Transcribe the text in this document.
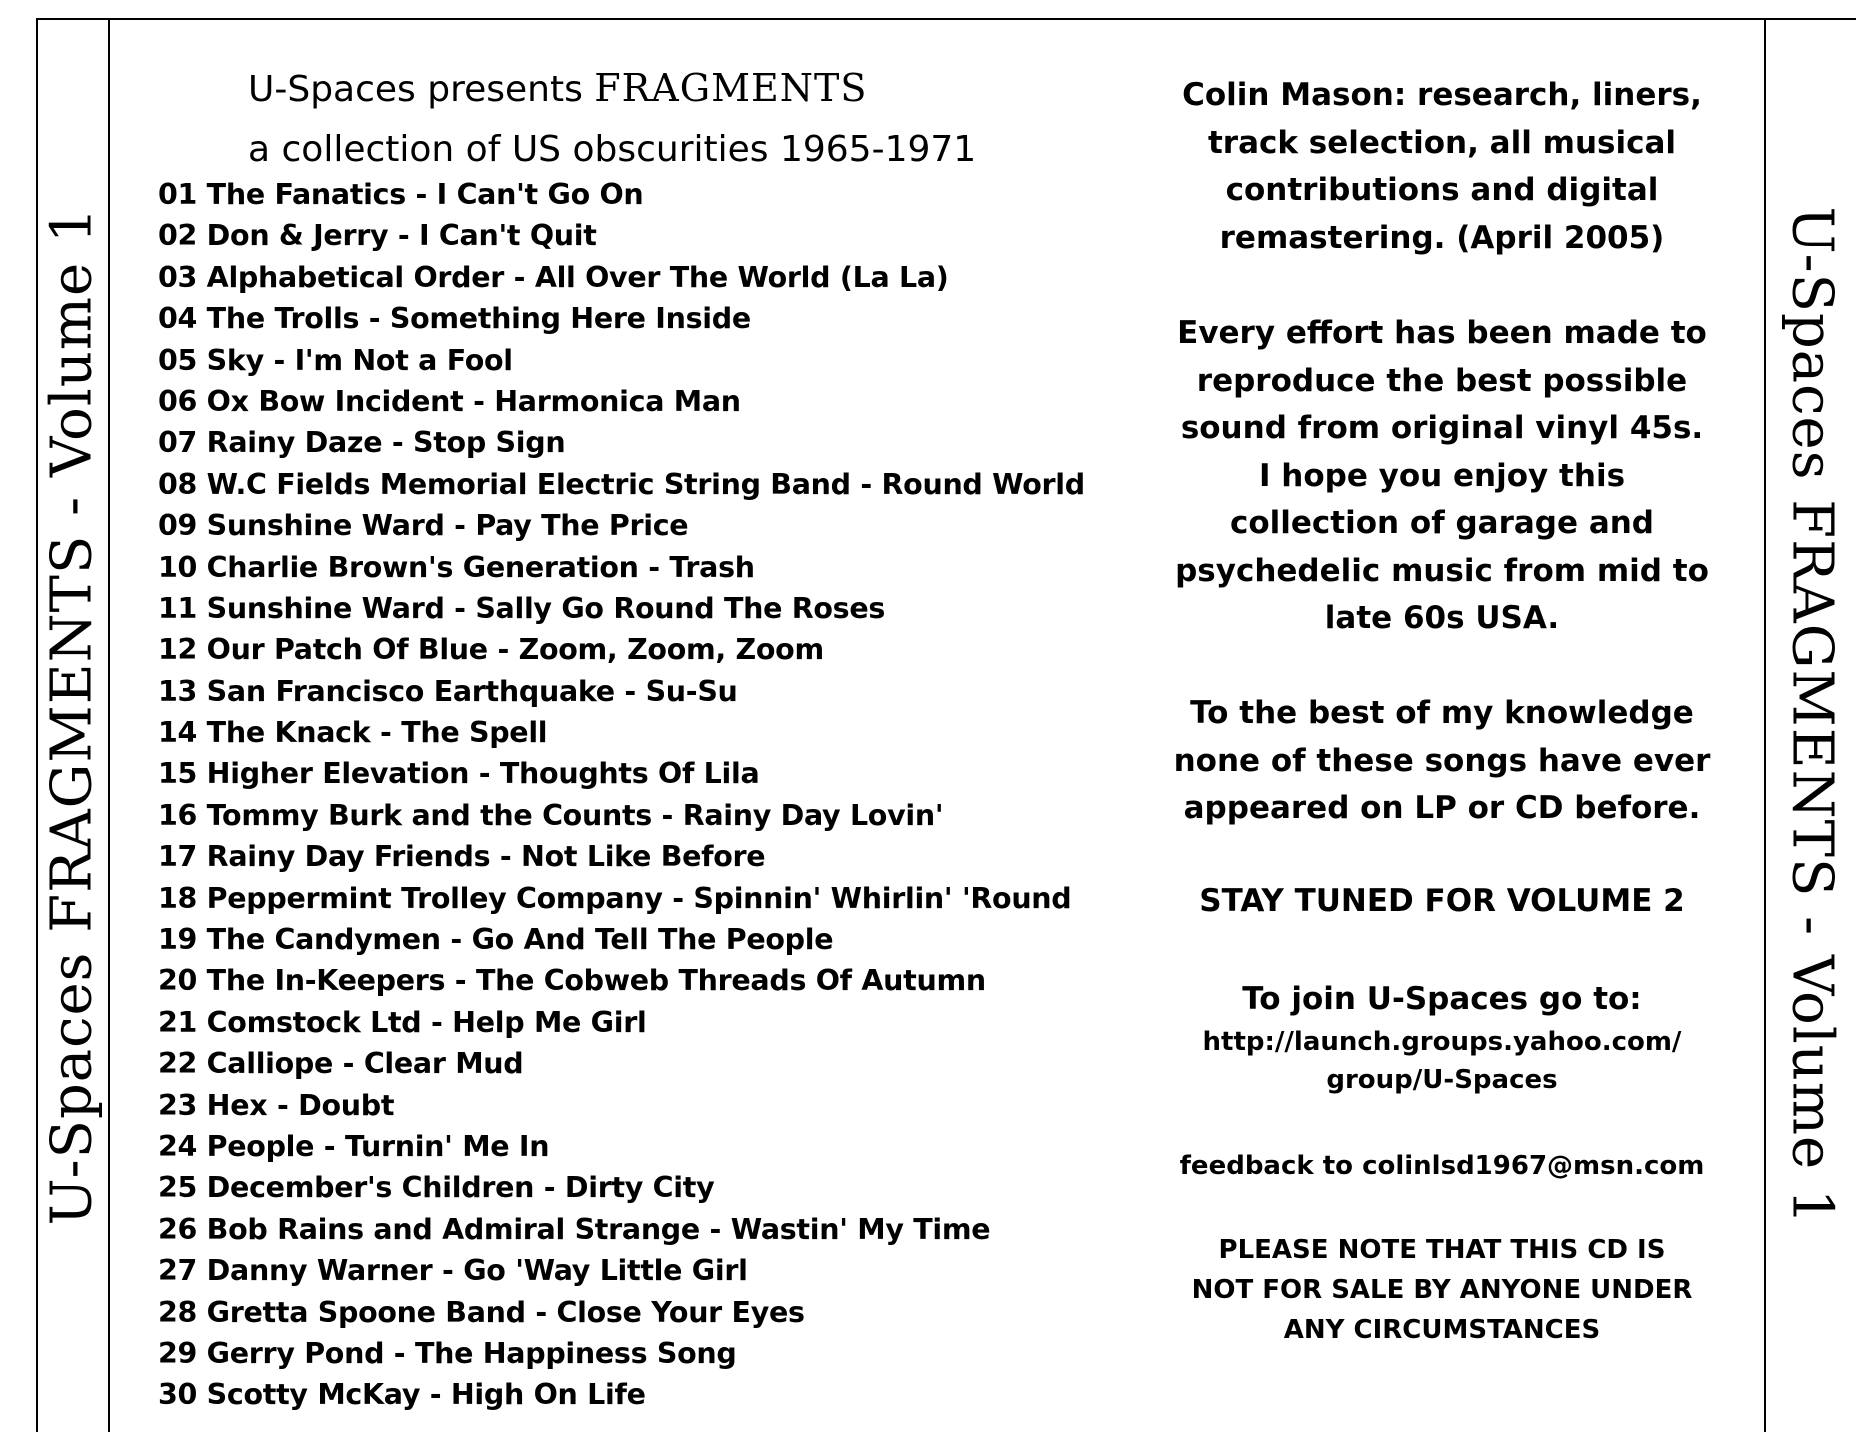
U-Spaces FRAGMENTS - Volume 1	U-Spaces FRAGMENTS - Volume 1
U-Spaces presents FRAGMENTS
a collection of US obscurities 1965-1971
01 The Fanatics - I Can't Go On
02 Don & Jerry - I Can't Quit
03 Alphabetical Order - All Over The World (La La)
04 The Trolls - Something Here Inside
05 Sky - I'm Not a Fool
06 Ox Bow Incident - Harmonica Man
07 Rainy Daze - Stop Sign
08 W.C Fields Memorial Electric String Band - Round World
09 Sunshine Ward - Pay The Price
10 Charlie Brown's Generation - Trash
11 Sunshine Ward - Sally Go Round The Roses
12 Our Patch Of Blue - Zoom, Zoom, Zoom
13 San Francisco Earthquake - Su-Su
14 The Knack - The Spell
15 Higher Elevation - Thoughts Of Lila
16 Tommy Burk and the Counts - Rainy Day Lovin'
17 Rainy Day Friends - Not Like Before
18 Peppermint Trolley Company - Spinnin' Whirlin' 'Round
19 The Candymen - Go And Tell The People
20 The In-Keepers - The Cobweb Threads Of Autumn
21 Comstock Ltd - Help Me Girl
22 Calliope - Clear Mud
23 Hex - Doubt
24 People - Turnin' Me In
25 December's Children - Dirty City
26 Bob Rains and Admiral Strange - Wastin' My Time
27 Danny Warner - Go 'Way Little Girl
28 Gretta Spoone Band - Close Your Eyes
29 Gerry Pond - The Happiness Song
30 Scotty McKay - High On Life
Colin Mason: research, liners,
track selection, all musical
contributions and digital
remastering. (April 2005)
Every effort has been made to
reproduce the best possible
sound from original vinyl 45s.
I hope you enjoy this
collection of garage and
psychedelic music from mid to
late 60s USA.
To the best of my knowledge
none of these songs have ever
appeared on LP or CD before.
STAY TUNED FOR VOLUME 2
To join U-Spaces go to:
http://launch.groups.yahoo.com/
group/U-Spaces
feedback to colinlsd1967@msn.com
PLEASE NOTE THAT THIS CD IS
NOT FOR SALE BY ANYONE UNDER
ANY CIRCUMSTANCES
